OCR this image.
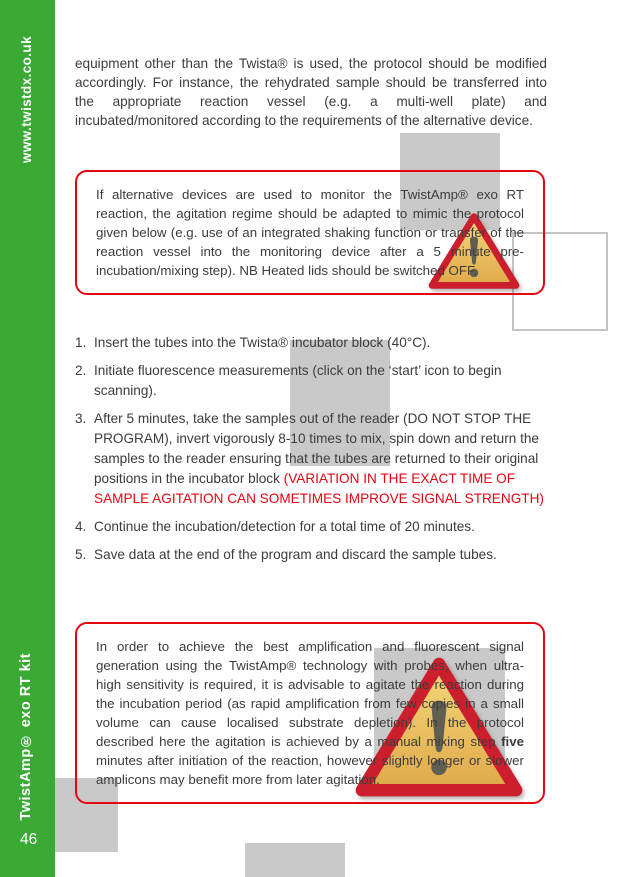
www.twistdx.co.uk
TwistAmp® exo RT kit
46
equipment other than the Twista® is used, the protocol should be modified accordingly. For instance, the rehydrated sample should be transferred into the appropriate reaction vessel (e.g. a multi-well plate) and incubated/monitored according to the requirements of the alternative device.
If alternative devices are used to monitor the TwistAmp® exo RT reaction, the agitation regime should be adapted to mimic the protocol given below (e.g. use of an integrated shaking function or transfer of the reaction vessel into the monitoring device after a 5 minute pre-incubation/mixing step). NB Heated lids should be switched OFF.
1. Insert the tubes into the Twista® incubator block (40°C).
2. Initiate fluorescence measurements (click on the ‘start’ icon to begin scanning).
3. After 5 minutes, take the samples out of the reader (DO NOT STOP THE PROGRAM), invert vigorously 8-10 times to mix, spin down and return the samples to the reader ensuring that the tubes are returned to their original positions in the incubator block (VARIATION IN THE EXACT TIME OF SAMPLE AGITATION CAN SOMETIMES IMPROVE SIGNAL STRENGTH)
4. Continue the incubation/detection for a total time of 20 minutes.
5. Save data at the end of the program and discard the sample tubes.
In order to achieve the best amplification and fluorescent signal generation using the TwistAmp® technology with probes, when ultra-high sensitivity is required, it is advisable to agitate the reaction during the incubation period (as rapid amplification from few copies in a small volume can cause localised substrate depletion). In the protocol described here the agitation is achieved by a manual mixing step five minutes after initiation of the reaction, however slightly longer or slower amplicons may benefit more from later agitation.
